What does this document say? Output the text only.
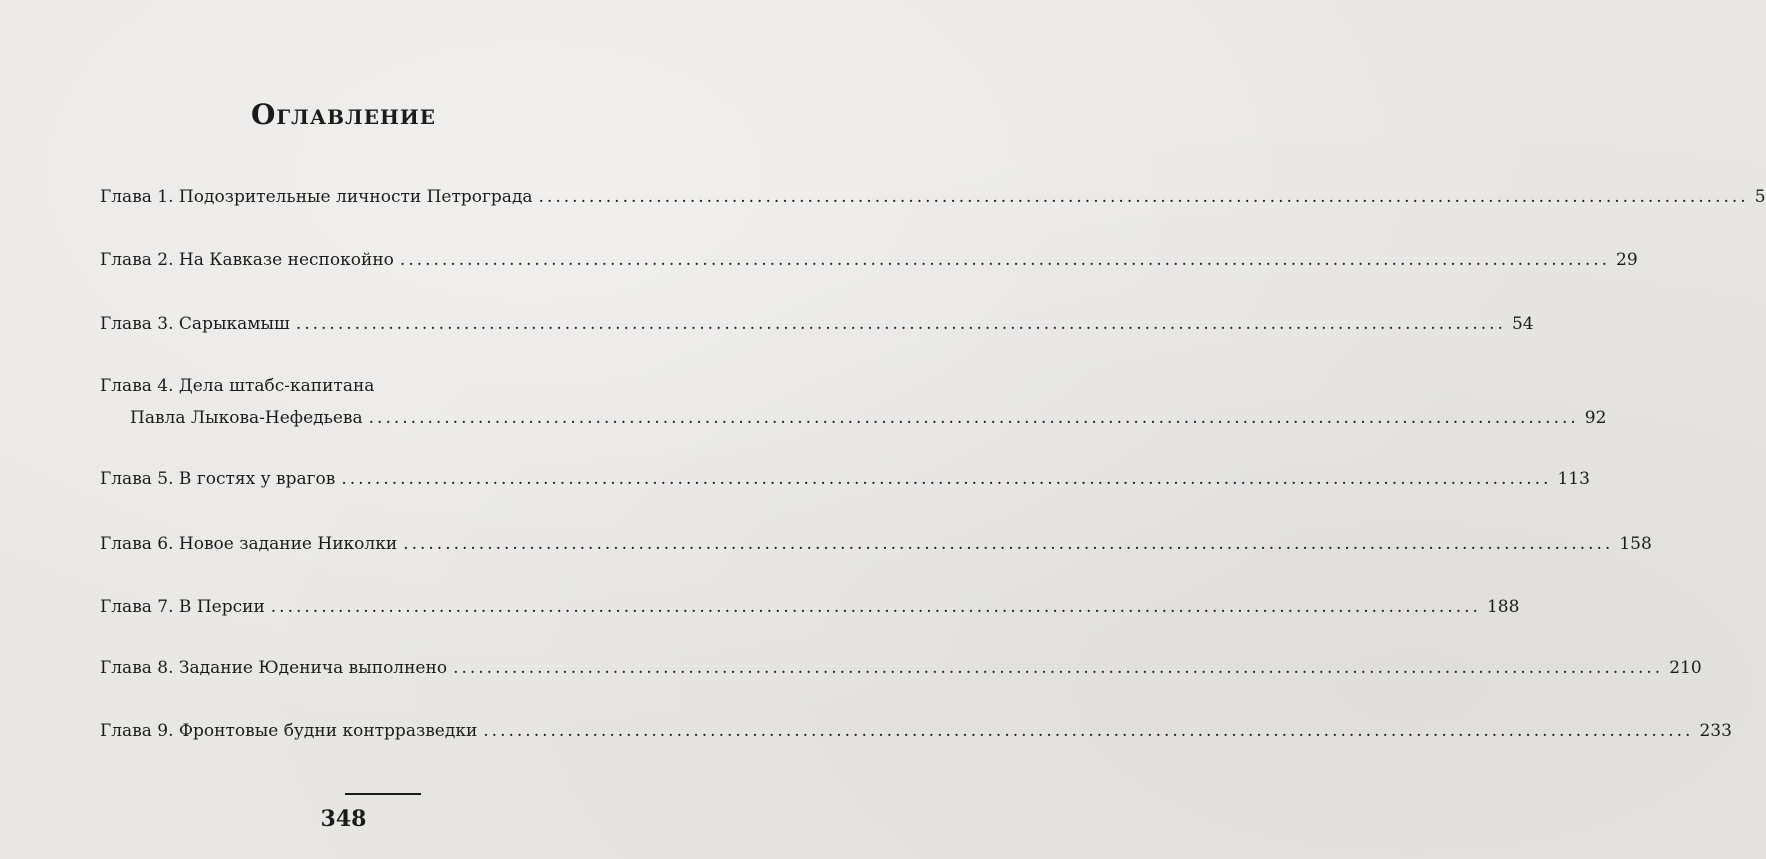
Оглавление
Глава 1. Подозрительные личности Петрограда .....	5
Глава 2. На Кавказе неспокойно .....	29
Глава 3. Сарыкамыш .....	54
Глава 4. Дела штабс-капитана
Павла Лыкова-Нефедьева .....	92
Глава 5. В гостях у врагов .....	113
Глава 6. Новое задание Николки .....	158
Глава 7. В Персии .....	188
Глава 8. Задание Юденича выполнено .....	210
Глава 9. Фронтовые будни контрразведки .....	233
348
